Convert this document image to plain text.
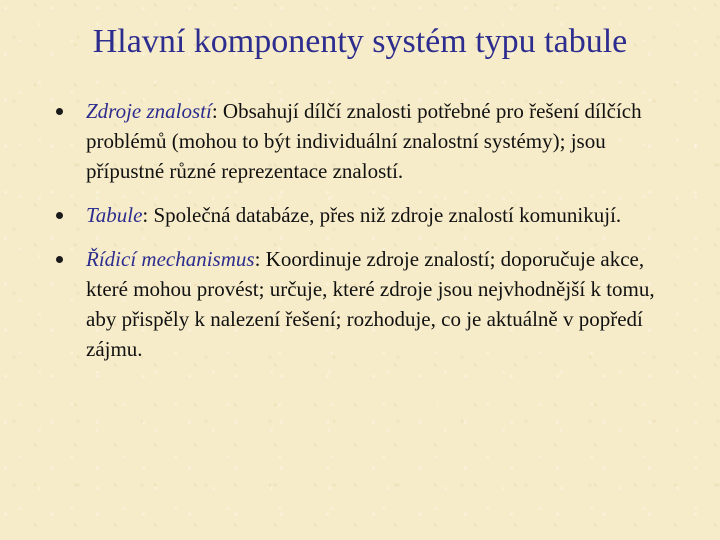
Hlavní komponenty systém typu tabule
Zdroje znalostí: Obsahují dílčí znalosti potřebné pro řešení dílčích problémů (mohou to být individuální znalostní systémy); jsou přípustné různé reprezentace znalostí.
Tabule: Společná databáze, přes niž zdroje znalostí komunikují.
Řídicí mechanismus: Koordinuje zdroje znalostí; doporučuje akce, které mohou provést; určuje, které zdroje jsou nejvhodnější k tomu, aby přispěly k nalezení řešení; rozhoduje, co je aktuálně v popředí zájmu.
